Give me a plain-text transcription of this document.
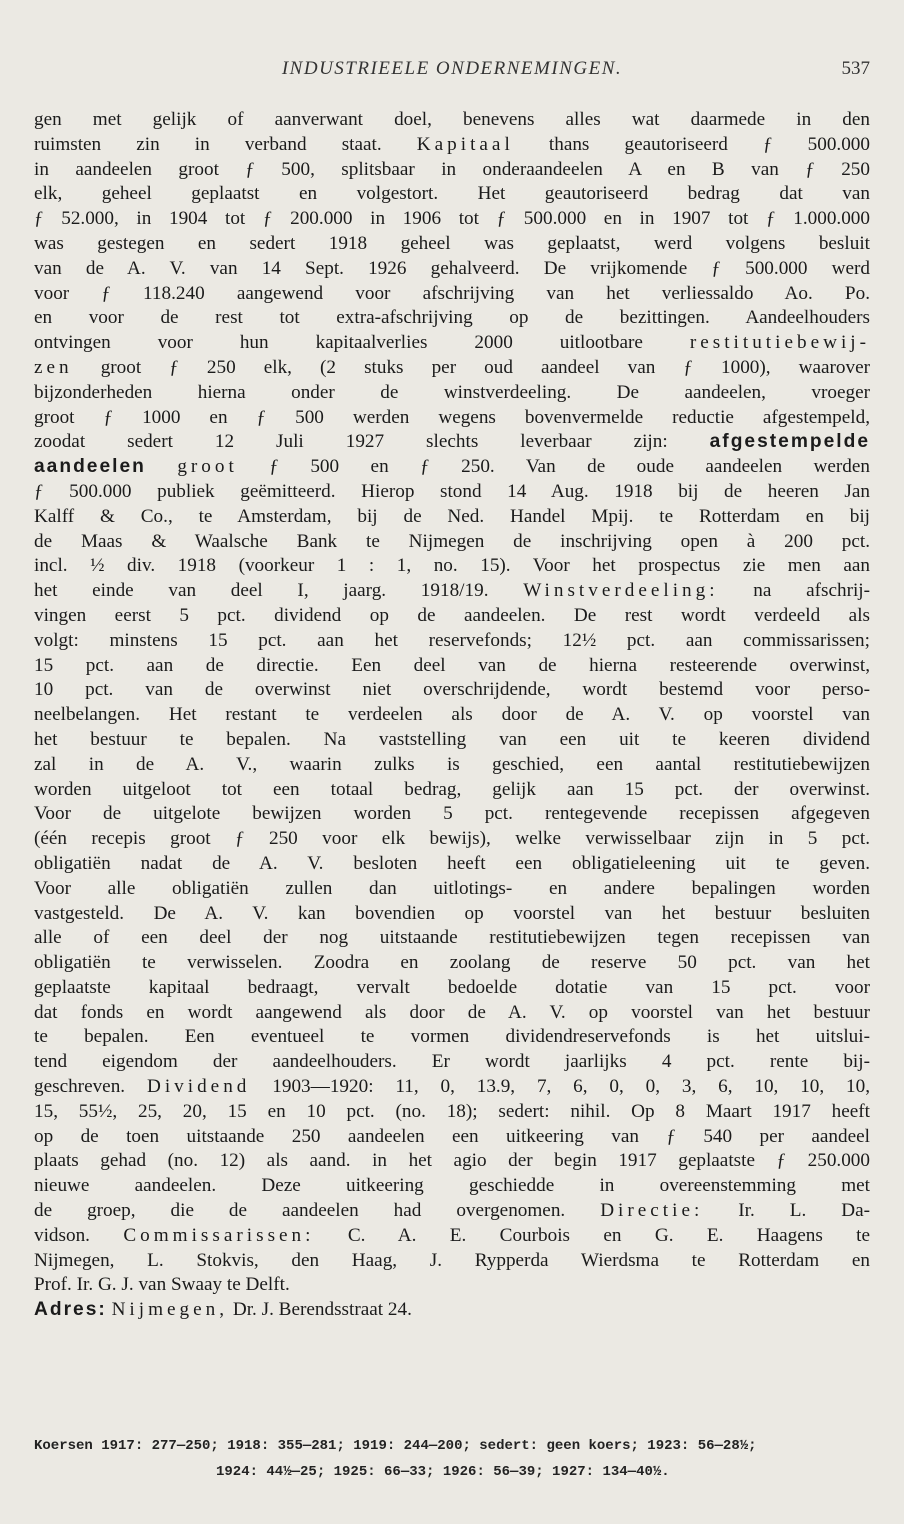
INDUSTRIEELE ONDERNEMINGEN.	537
gen met gelijk of aanverwant doel, benevens alles wat daarmede in den
ruimsten zin in verband staat. Kapitaal thans geautoriseerd ƒ 500.000
in aandeelen groot ƒ 500, splitsbaar in onderaandeelen A en B van ƒ 250
elk, geheel geplaatst en volgestort. Het geautoriseerd bedrag dat van
ƒ 52.000, in 1904 tot ƒ 200.000 in 1906 tot ƒ 500.000 en in 1907 tot ƒ 1.000.000
was gestegen en sedert 1918 geheel was geplaatst, werd volgens besluit
van de A. V. van 14 Sept. 1926 gehalveerd. De vrijkomende ƒ 500.000 werd
voor ƒ 118.240 aangewend voor afschrijving van het verliessaldo Ao. Po.
en voor de rest tot extra-afschrijving op de bezittingen. Aandeelhouders
ontvingen voor hun kapitaalverlies 2000 uitlootbare restitutiebewij-
zen groot ƒ 250 elk, (2 stuks per oud aandeel van ƒ 1000), waarover
bijzonderheden hierna onder de winstverdeeling. De aandeelen, vroeger
groot ƒ 1000 en ƒ 500 werden wegens bovenvermelde reductie afgestempeld,
zoodat sedert 12 Juli 1927 slechts leverbaar zijn: afgestempelde
aandeelen groot ƒ 500 en ƒ 250. Van de oude aandeelen werden
ƒ 500.000 publiek geëmitteerd. Hierop stond 14 Aug. 1918 bij de heeren Jan
Kalff & Co., te Amsterdam, bij de Ned. Handel Mpij. te Rotterdam en bij
de Maas & Waalsche Bank te Nijmegen de inschrijving open à 200 pct.
incl. ½ div. 1918 (voorkeur 1 : 1, no. 15). Voor het prospectus zie men aan
het einde van deel I, jaarg. 1918/19. Winstverdeeling: na afschrij-
vingen eerst 5 pct. dividend op de aandeelen. De rest wordt verdeeld als
volgt: minstens 15 pct. aan het reservefonds; 12½ pct. aan commissarissen;
15 pct. aan de directie. Een deel van de hierna resteerende overwinst,
10 pct. van de overwinst niet overschrijdende, wordt bestemd voor perso-
neelbelangen. Het restant te verdeelen als door de A. V. op voorstel van
het bestuur te bepalen. Na vaststelling van een uit te keeren dividend
zal in de A. V., waarin zulks is geschied, een aantal restitutiebewijzen
worden uitgeloot tot een totaal bedrag, gelijk aan 15 pct. der overwinst.
Voor de uitgelote bewijzen worden 5 pct. rentegevende recepissen afgegeven
(één recepis groot ƒ 250 voor elk bewijs), welke verwisselbaar zijn in 5 pct.
obligatiën nadat de A. V. besloten heeft een obligatieleening uit te geven.
Voor alle obligatiën zullen dan uitlotings- en andere bepalingen worden
vastgesteld. De A. V. kan bovendien op voorstel van het bestuur besluiten
alle of een deel der nog uitstaande restitutiebewijzen tegen recepissen van
obligatiën te verwisselen. Zoodra en zoolang de reserve 50 pct. van het
geplaatste kapitaal bedraagt, vervalt bedoelde dotatie van 15 pct. voor
dat fonds en wordt aangewend als door de A. V. op voorstel van het bestuur
te bepalen. Een eventueel te vormen dividendreservefonds is het uitslui-
tend eigendom der aandeelhouders. Er wordt jaarlijks 4 pct. rente bij-
geschreven. Dividend 1903—1920: 11, 0, 13.9, 7, 6, 0, 0, 3, 6, 10, 10, 10,
15, 55½, 25, 20, 15 en 10 pct. (no. 18); sedert: nihil. Op 8 Maart 1917 heeft
op de toen uitstaande 250 aandeelen een uitkeering van ƒ 540 per aandeel
plaats gehad (no. 12) als aand. in het agio der begin 1917 geplaatste ƒ 250.000
nieuwe aandeelen. Deze uitkeering geschiedde in overeenstemming met
de groep, die de aandeelen had overgenomen. Directie: Ir. L. Da-
vidson. Commissarissen: C. A. E. Courbois en G. E. Haagens te
Nijmegen, L. Stokvis, den Haag, J. Rypperda Wierdsma te Rotterdam en
Prof. Ir. G. J. van Swaay te Delft.
Adres: Nijmegen, Dr. J. Berendsstraat 24.
Koersen 1917: 277—250; 1918: 355—281; 1919: 244—200; sedert: geen koers; 1923: 56—28½;
1924: 44½—25; 1925: 66—33; 1926: 56—39; 1927: 134—40½.
